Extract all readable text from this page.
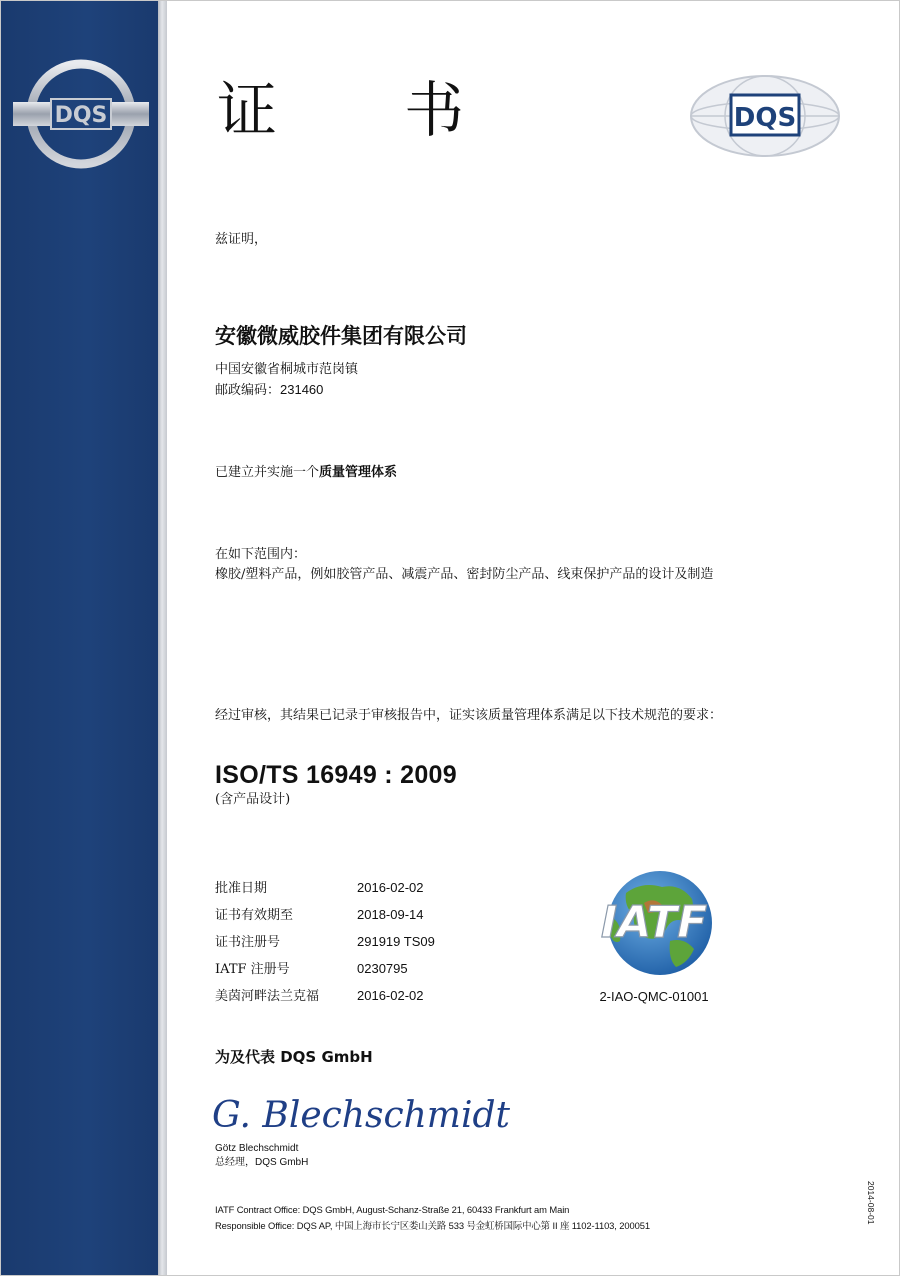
DQS 证 书	DQS
兹证明，
安徽微威胶件集团有限公司
中国安徽省桐城市范岗镇
邮政编码：231460
已建立并实施一个质量管理体系
在如下范围内：
橡胶/塑料产品，例如胶管产品、减震产品、密封防尘产品、线束保护产品的设计及制造
经过审核，其结果已记录于审核报告中，证实该质量管理体系满足以下技术规范的要求：
ISO/TS 16949 : 2009
(含产品设计)
批准日期	2016-02-02
证书有效期至	2018-09-14
证书注册号	291919 TS09
IATF 注册号	0230795
美茵河畔法兰克福	2016-02-02
IATF
2-IAO-QMC-01001
为及代表 DQS GmbH
G. Blechschmidt
Götz Blechschmidt
总经理，DQS GmbH
IATF Contract Office: DQS GmbH, August-Schanz-Straße 21, 60433 Frankfurt am Main
Responsible Office: DQS AP, 中国上海市长宁区娄山关路 533 号金虹桥国际中心第 II 座 1102-1103, 200051
2014-08-01
